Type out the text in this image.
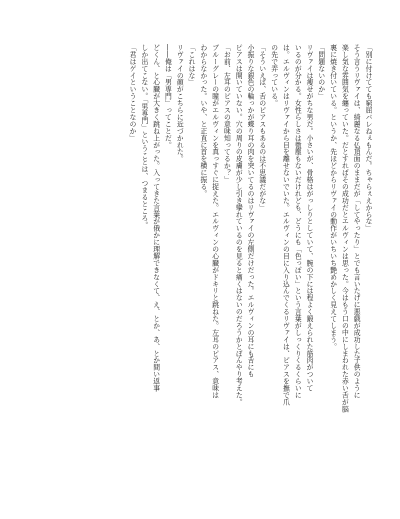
「別に付けてても窮屈バレねぇもんだ。ちゃらぇえからな」
そう言うリヴァイは、綺麗なる仏頂面のままだが「してやったり」とでも言いたげに悪戯が成功した子供のように
楽し気な雰囲気を纏っていた。だとすればその成功だとエルヴィンは思った。今はもう口の中にしまわれた赤い舌が脳
裏に焼き付いている。というか、先ほどからリヴァイの動作がいちいち艶めかしく見えてしまう。
「問題ないのか」
リヴァイは痩せがちな男だ。小さいが、骨格はがっしりとしていて、腕の下には程よく鍛えられた筋肉がついて
いるのが分かる。女性らしさは微塵もないだけれども、どうにも「色っぽい」という言葉がしっくりくるくらいに
は。エルヴィンはリヴァイから目を離せないでいた。エルヴィンの目に入り込んでくるリヴァイは、ピアスを撫で爪
の先で弄っている。
「そういえば、舌のピアスもあるのは不思議だがな」
小振りな銀色の輪っかが蝶り耳の肉を突いてるのはリヴァイの左側だけだった。エルヴィンの耳にも舌にも
ピアスは開いていない。穴の周りの皮膚が少し引き攣れているのを見ると痛くはないのだろうかとぼんやり考えた。
「お前、左耳のピアスの意味知ってるか？」
ブルーグレーの瞳がエルヴィンを真っすぐに捉えた。エルヴィンの心臓がドキリと跳ねた。左耳のピアス、意味は
わからなかった。いや、と正直に首を横に振る。
「これはな」
リヴァイの顔がこちらに近づかれた。
――俺は「男専門」ってことだ。
どくん、と心臓が大きく跳ね上がった。入ってきた言葉が俄かに理解できなくて、え、とか、あ、とか間い返事
しか出てこない。「男専門」ということは、つまるところ。
「君はゲイということなのか」
